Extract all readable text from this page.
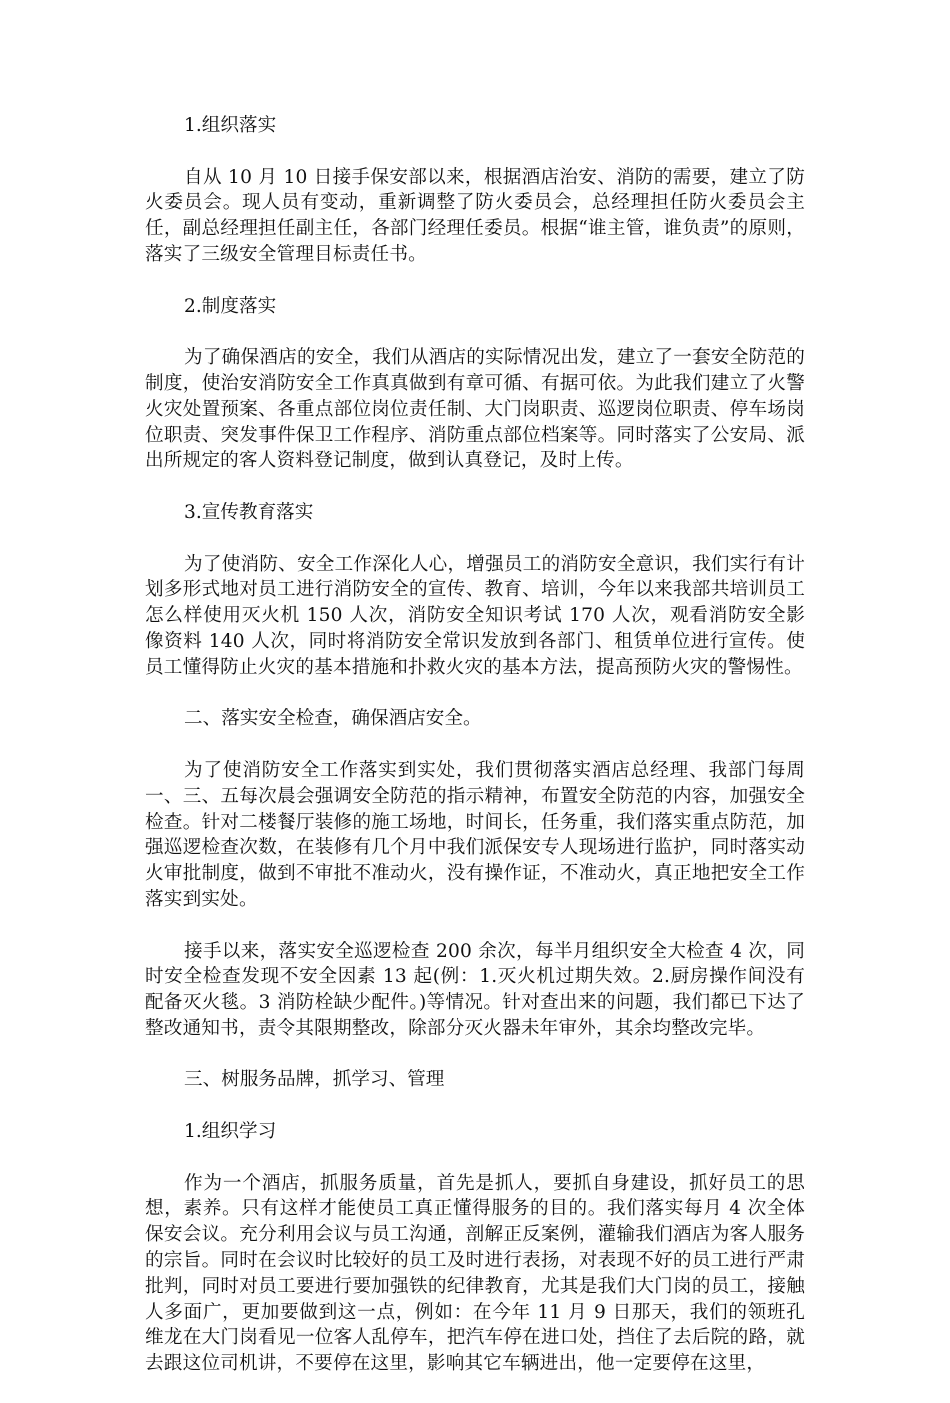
1.组织落实
自从 10 月 10 日接手保安部以来，根据酒店治安、消防的需要，建立了防火委员会。现人员有变动，重新调整了防火委员会，总经理担任防火委员会主任，副总经理担任副主任，各部门经理任委员。根据“谁主管，谁负责”的原则，落实了三级安全管理目标责任书。
2.制度落实
为了确保酒店的安全，我们从酒店的实际情况出发，建立了一套安全防范的制度，使治安消防安全工作真真做到有章可循、有据可依。为此我们建立了火警火灾处置预案、各重点部位岗位责任制、大门岗职责、巡逻岗位职责、停车场岗位职责、突发事件保卫工作程序、消防重点部位档案等。同时落实了公安局、派出所规定的客人资料登记制度，做到认真登记，及时上传。
3.宣传教育落实
为了使消防、安全工作深化人心，增强员工的消防安全意识，我们实行有计划多形式地对员工进行消防安全的宣传、教育、培训，今年以来我部共培训员工怎么样使用灭火机 150 人次，消防安全知识考试 170 人次，观看消防安全影像资料 140 人次，同时将消防安全常识发放到各部门、租赁单位进行宣传。使员工懂得防止火灾的基本措施和扑救火灾的基本方法，提高预防火灾的警惕性。
二、落实安全检查，确保酒店安全。
为了使消防安全工作落实到实处，我们贯彻落实酒店总经理、我部门每周一、三、五每次晨会强调安全防范的指示精神，布置安全防范的内容，加强安全检查。针对二楼餐厅装修的施工场地，时间长，任务重，我们落实重点防范，加强巡逻检查次数，在装修有几个月中我们派保安专人现场进行监护，同时落实动火审批制度，做到不审批不准动火，没有操作证，不准动火，真正地把安全工作落实到实处。
接手以来，落实安全巡逻检查 200 余次，每半月组织安全大检查 4 次，同时安全检查发现不安全因素 13 起(例：1.灭火机过期失效。2.厨房操作间没有配备灭火毯。3 消防栓缺少配件。)等情况。针对查出来的问题，我们都已下达了整改通知书，责令其限期整改，除部分灭火器未年审外，其余均整改完毕。
三、树服务品牌，抓学习、管理
1.组织学习
作为一个酒店，抓服务质量，首先是抓人，要抓自身建设，抓好员工的思想，素养。只有这样才能使员工真正懂得服务的目的。我们落实每月 4 次全体保安会议。充分利用会议与员工沟通，剖解正反案例，灌输我们酒店为客人服务的宗旨。同时在会议时比较好的员工及时进行表扬，对表现不好的员工进行严肃批判，同时对员工要进行要加强铁的纪律教育，尤其是我们大门岗的员工，接触人多面广，更加要做到这一点，例如：在今年 11 月 9 日那天，我们的领班孔维龙在大门岗看见一位客人乱停车，把汽车停在进口处，挡住了去后院的路，就去跟这位司机讲，不要停在这里，影响其它车辆进出，他一定要停在这里，
